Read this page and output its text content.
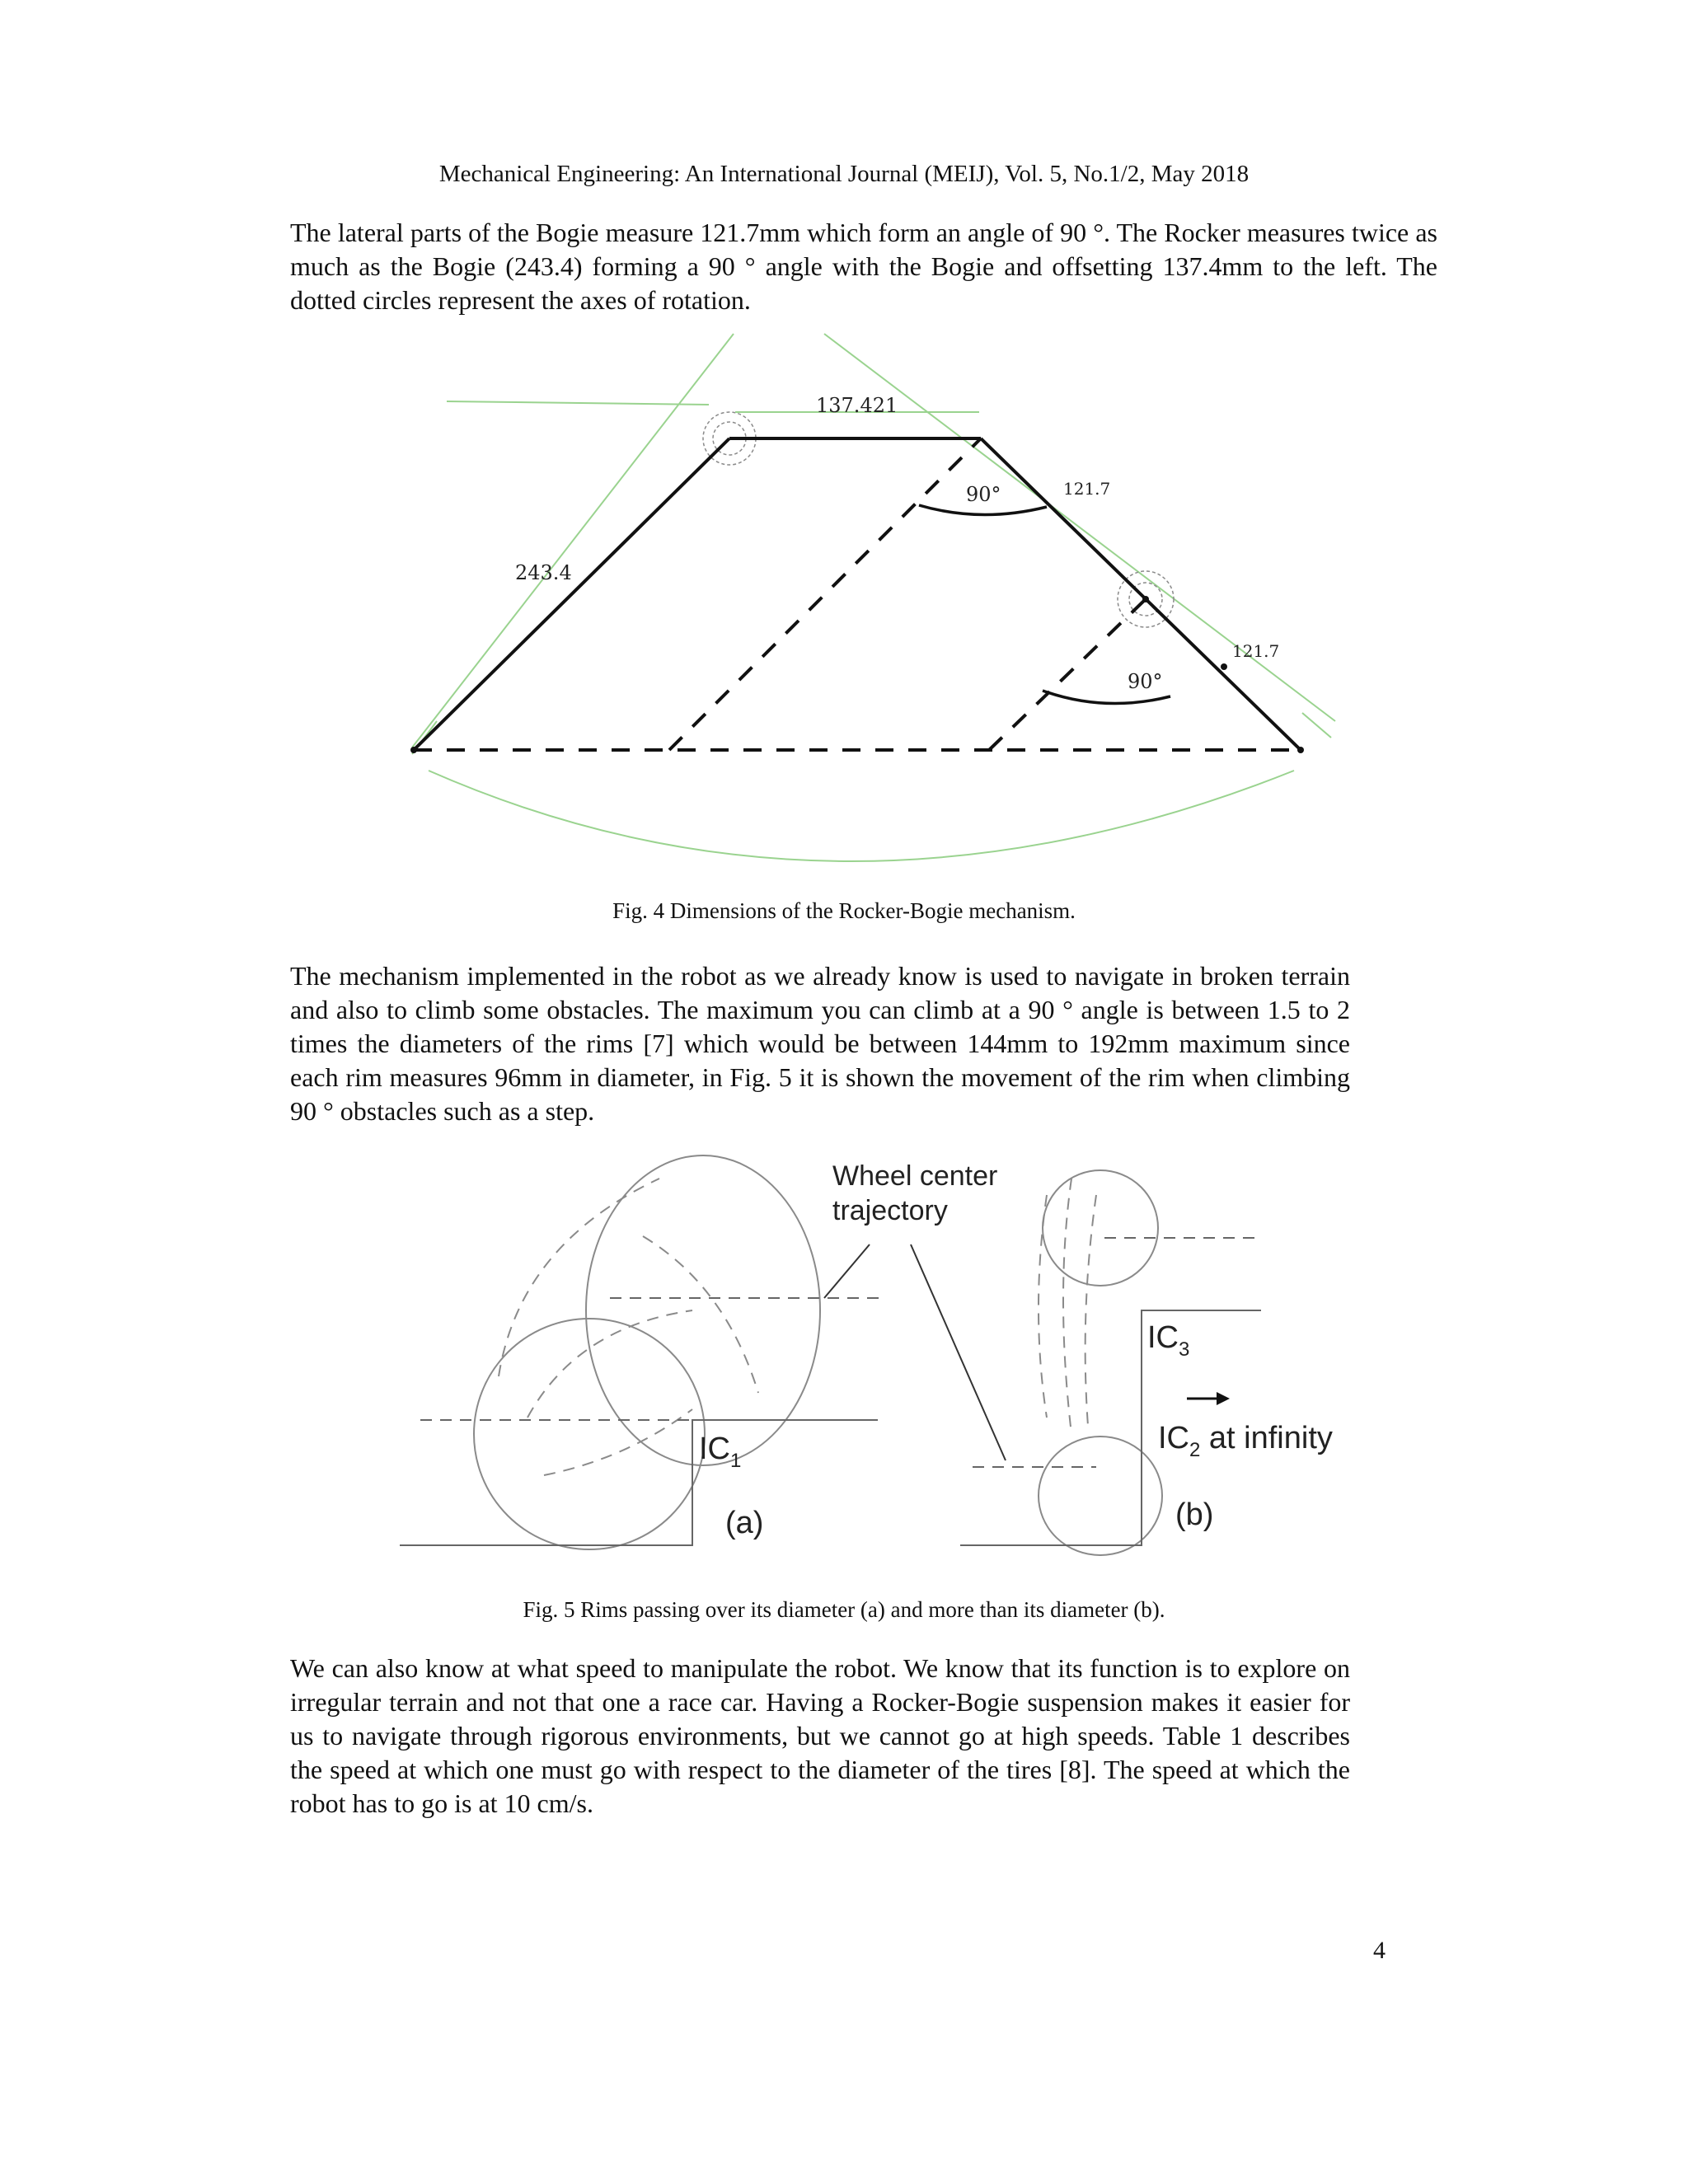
Mechanical Engineering: An International Journal (MEIJ), Vol. 5, No.1/2, May 2018

The lateral parts of the Bogie measure 121.7mm which form an angle of 90 °. The Rocker measures twice as much as the Bogie (243.4) forming a 90 ° angle with the Bogie and offsetting 137.4mm to the left. The dotted circles represent the axes of rotation.

137.421
243.4
121.7
121.7
90°
90°
Fig. 4 Dimensions of the Rocker-Bogie mechanism.

The mechanism implemented in the robot as we already know is used to navigate in broken terrain and also to climb some obstacles. The maximum you can climb at a 90 ° angle is between 1.5 to 2 times the diameters of the rims [7] which would be between 144mm to 192mm maximum since each rim measures 96mm in diameter, in Fig. 5 it is shown the movement of the rim when climbing 90 ° obstacles such as a step.

Wheel center
trajectory
$IC_1$
$IC_3$
$IC_2$ at infinity
(a)	(b)
Fig. 5 Rims passing over its diameter (a) and more than its diameter (b).

We can also know at what speed to manipulate the robot. We know that its function is to explore on irregular terrain and not that one a race car. Having a Rocker-Bogie suspension makes it easier for us to navigate through rigorous environments, but we cannot go at high speeds. Table 1 describes the speed at which one must go with respect to the diameter of the tires [8]. The speed at which the robot has to go is at 10 cm/s.

4
